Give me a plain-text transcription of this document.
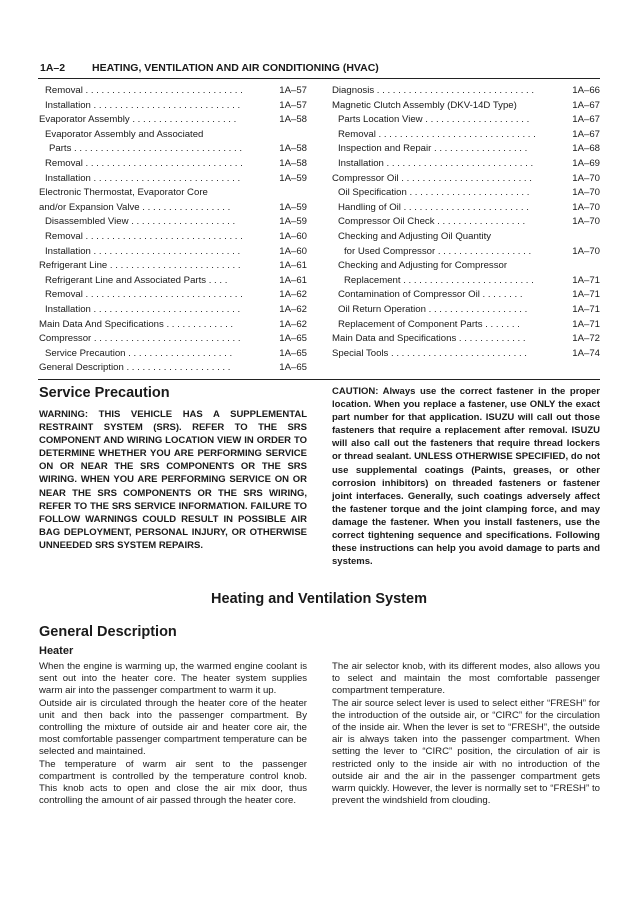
1A–2	HEATING, VENTILATION AND AIR CONDITIONING (HVAC)
Removal . . . . . . . . . . . . . . . . . . . . . . . . . . . . . .	1A–57
Installation . . . . . . . . . . . . . . . . . . . . . . . . . . . .	1A–57
Evaporator Assembly . . . . . . . . . . . . . . . . . . . .	1A–58
Evaporator Assembly and Associated
Parts . . . . . . . . . . . . . . . . . . . . . . . . . . . . . . . .	1A–58
Removal . . . . . . . . . . . . . . . . . . . . . . . . . . . . . .	1A–58
Installation . . . . . . . . . . . . . . . . . . . . . . . . . . . .	1A–59
Electronic Thermostat, Evaporator Core
and/or Expansion Valve . . . . . . . . . . . . . . . . .	1A–59
Disassembled View . . . . . . . . . . . . . . . . . . . .	1A–59
Removal . . . . . . . . . . . . . . . . . . . . . . . . . . . . . .	1A–60
Installation . . . . . . . . . . . . . . . . . . . . . . . . . . . .	1A–60
Refrigerant Line . . . . . . . . . . . . . . . . . . . . . . . . .	1A–61
Refrigerant Line and Associated Parts . . . .	1A–61
Removal . . . . . . . . . . . . . . . . . . . . . . . . . . . . . .	1A–62
Installation . . . . . . . . . . . . . . . . . . . . . . . . . . . .	1A–62
Main Data And Specifications . . . . . . . . . . . . .	1A–62
Compressor . . . . . . . . . . . . . . . . . . . . . . . . . . . .	1A–65
Service Precaution . . . . . . . . . . . . . . . . . . . .	1A–65
General Description . . . . . . . . . . . . . . . . . . . .	1A–65
Diagnosis . . . . . . . . . . . . . . . . . . . . . . . . . . . . . .	1A–66
Magnetic Clutch Assembly (DKV-14D Type)	1A–67
Parts Location View . . . . . . . . . . . . . . . . . . . .	1A–67
Removal . . . . . . . . . . . . . . . . . . . . . . . . . . . . . .	1A–67
Inspection and Repair . . . . . . . . . . . . . . . . . .	1A–68
Installation . . . . . . . . . . . . . . . . . . . . . . . . . . . .	1A–69
Compressor Oil . . . . . . . . . . . . . . . . . . . . . . . . .	1A–70
Oil Specification . . . . . . . . . . . . . . . . . . . . . . .	1A–70
Handling of Oil . . . . . . . . . . . . . . . . . . . . . . . .	1A–70
Compressor Oil Check . . . . . . . . . . . . . . . . .	1A–70
Checking and Adjusting Oil Quantity
for Used Compressor . . . . . . . . . . . . . . . . . .	1A–70
Checking and Adjusting for Compressor
Replacement . . . . . . . . . . . . . . . . . . . . . . . . .	1A–71
Contamination of Compressor Oil . . . . . . . .	1A–71
Oil Return Operation . . . . . . . . . . . . . . . . . . .	1A–71
Replacement of Component Parts . . . . . . .	1A–71
Main Data and Specifications . . . . . . . . . . . . .	1A–72
Special Tools . . . . . . . . . . . . . . . . . . . . . . . . . .	1A–74
Service Precaution
WARNING: THIS VEHICLE HAS A SUPPLEMENTAL RESTRAINT SYSTEM (SRS). REFER TO THE SRS COMPONENT AND WIRING LOCATION VIEW IN ORDER TO DETERMINE WHETHER YOU ARE PERFORMING SERVICE ON OR NEAR THE SRS COMPONENTS OR THE SRS WIRING. WHEN YOU ARE PERFORMING SERVICE ON OR NEAR THE SRS COMPONENTS OR THE SRS WIRING, REFER TO THE SRS SERVICE INFORMATION. FAILURE TO FOLLOW WARNINGS COULD RESULT IN POSSIBLE AIR BAG DEPLOYMENT, PERSONAL INJURY, OR OTHERWISE UNNEEDED SRS SYSTEM REPAIRS.
CAUTION: Always use the correct fastener in the proper location. When you replace a fastener, use ONLY the exact part number for that application. ISUZU will call out those fasteners that require a replacement after removal. ISUZU will also call out the fasteners that require thread lockers or thread sealant. UNLESS OTHERWISE SPECIFIED, do not use supplemental coatings (Paints, greases, or other corrosion inhibitors) on threaded fasteners or fastener joint interfaces. Generally, such coatings adversely affect the fastener torque and the joint clamping force, and may damage the fastener. When you install fasteners, use the correct tightening sequence and specifications. Following these instructions can help you avoid damage to parts and systems.
Heating and Ventilation System
General Description
Heater

When the engine is warming up, the warmed engine coolant is sent out into the heater core. The heater system supplies warm air into the passenger compartment to warm it up.

Outside air is circulated through the heater core of the heater unit and then back into the passenger compartment. By controlling the mixture of outside air and heater core air, the most comfortable passenger compartment temperature can be selected and maintained.

The temperature of warm air sent to the passenger compartment is controlled by the temperature control knob. This knob acts to open and close the air mix door, thus controlling the amount of air passed through the heater core.

The air selector knob, with its different modes, also allows you to select and maintain the most comfortable passenger compartment temperature.

The air source select lever is used to select either “FRESH” for the introduction of the outside air, or “CIRC” for the circulation of the inside air. When the lever is set to “FRESH”, the outside air is always taken into the passenger compartment. When setting the lever to “CIRC” position, the circulation of air is restricted only to the inside air with no introduction of the outside air and the air in the passenger compartment gets warm quickly. However, the lever is normally set to “FRESH” to prevent the windshield from clouding.
